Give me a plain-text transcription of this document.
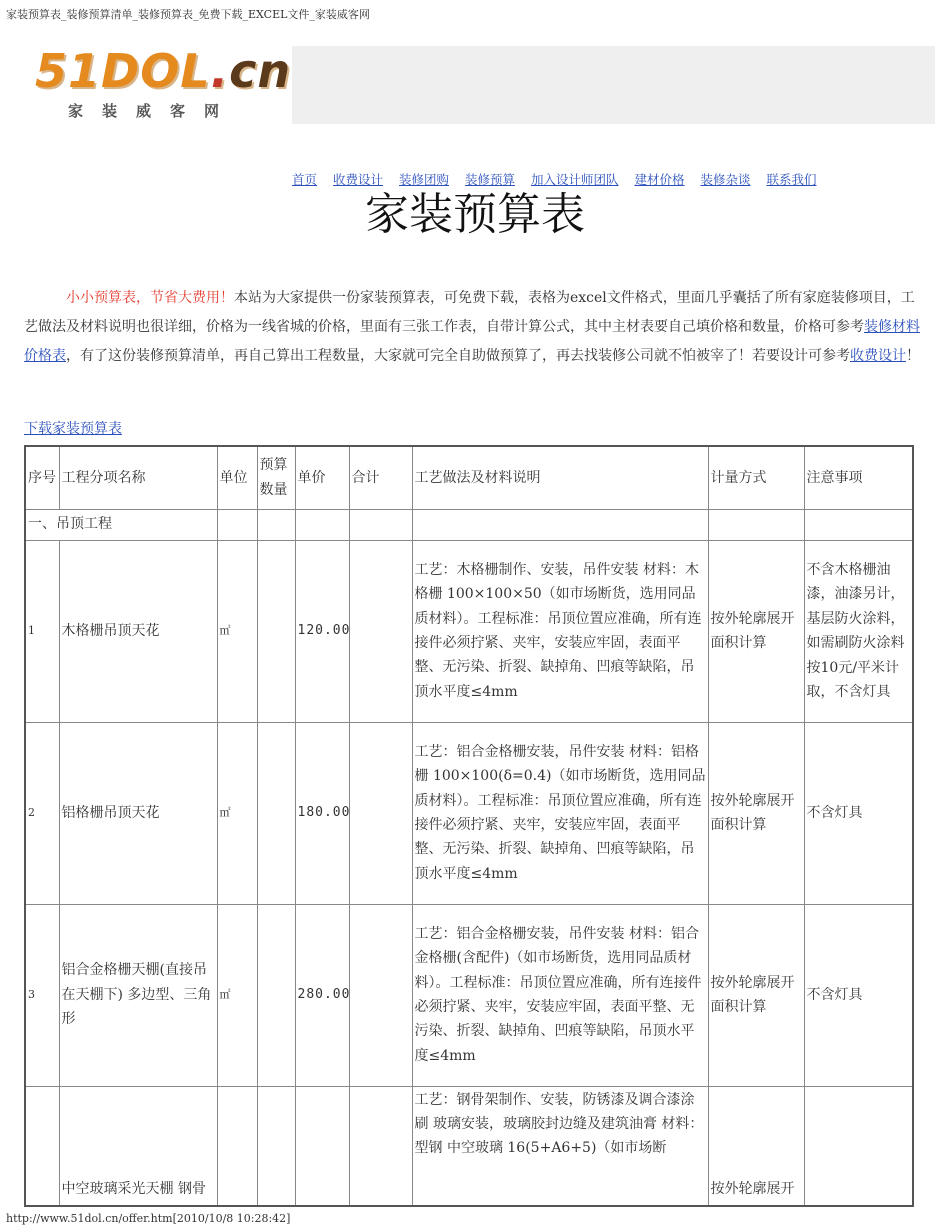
家装预算表_装修预算清单_装修预算表_免费下载_EXCEL文件_家装威客网
51DOL.cn
家装威客网
首页 收费设计 装修团购 装修预算 加入设计师团队 建材价格 装修杂谈 联系我们
家装预算表

小小预算表，节省大费用！本站为大家提供一份家装预算表，可免费下载，表格为excel文件格式，里面几乎囊括了所有家庭装修项目，工艺做法及材料说明也很详细，价格为一线省城的价格，里面有三张工作表，自带计算公式，其中主材表要自己填价格和数量，价格可参考装修材料价格表，有了这份装修预算清单，再自己算出工程数量，大家就可完全自助做预算了，再去找装修公司就不怕被宰了！若要设计可参考收费设计！

下载家装预算表
序号	工程分项名称	单位	预算数量	单价	合计	工艺做法及材料说明	计量方式	注意事项
一、吊顶工程								
1	木格栅吊顶天花	㎡		120.00		工艺：木格栅制作、安装，吊件安装 材料：木格栅 100×100×50（如市场断货，选用同品质材料）。工程标准：吊顶位置应准确，所有连接件必须拧紧、夹牢，安装应牢固，表面平整、无污染、折裂、缺掉角、凹痕等缺陷，吊顶水平度≤4mm	按外轮廓展开面积计算	不含木格栅油漆，油漆另计，基层防火涂料，如需刷防火涂料按10元/平米计取，不含灯具
2	铝格栅吊顶天花	㎡		180.00		工艺：铝合金格栅安装，吊件安装 材料：铝格栅 100×100(δ=0.4)（如市场断货，选用同品质材料）。工程标准：吊顶位置应准确，所有连接件必须拧紧、夹牢，安装应牢固，表面平整、无污染、折裂、缺掉角、凹痕等缺陷，吊顶水平度≤4mm	按外轮廓展开面积计算	不含灯具
3	铝合金格栅天棚(直接吊在天棚下) 多边型、三角形	㎡		280.00		工艺：铝合金格栅安装，吊件安装 材料：铝合金格栅(含配件)（如市场断货，选用同品质材料）。工程标准：吊顶位置应准确，所有连接件必须拧紧、夹牢，安装应牢固，表面平整、无污染、折裂、缺掉角、凹痕等缺陷，吊顶水平度≤4mm	按外轮廓展开面积计算	不含灯具
	中空玻璃采光天棚 钢骨					工艺：钢骨架制作、安装，防锈漆及调合漆涂刷 玻璃安装，玻璃胶封边缝及建筑油膏 材料：型钢 中空玻璃 16(5+A6+5)（如市场断	按外轮廓展开	
http://www.51dol.cn/offer.htm[2010/10/8 10:28:42]
